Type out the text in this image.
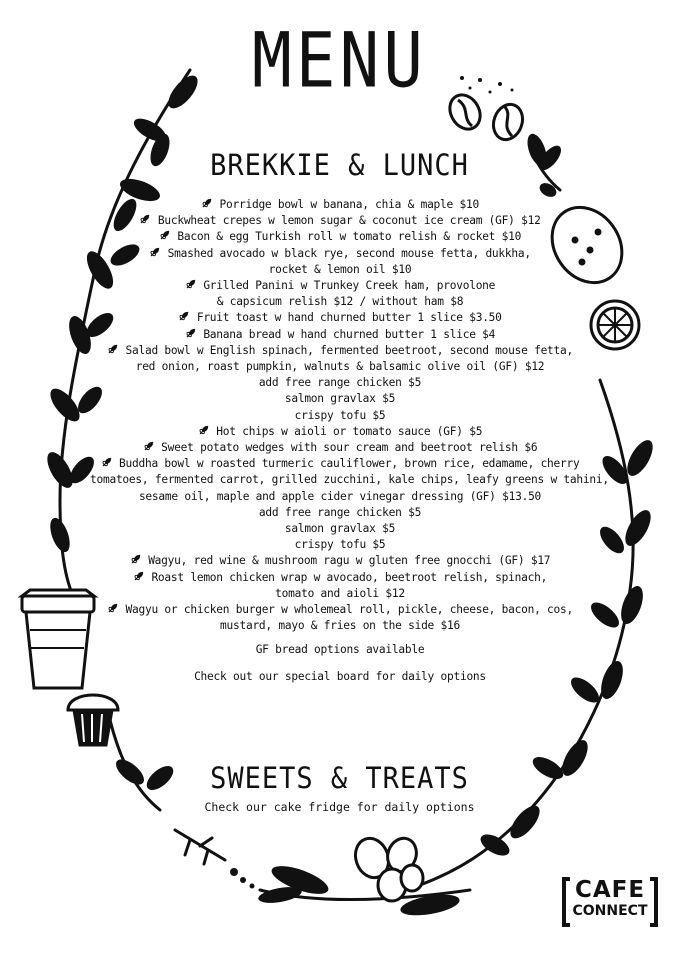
MENU
BREKKIE & LUNCH
Porridge bowl w banana, chia & maple $10
Buckwheat crepes w lemon sugar & coconut ice cream (GF) $12
Bacon & egg Turkish roll w tomato relish & rocket $10
Smashed avocado w black rye, second mouse fetta, dukkha,
rocket & lemon oil $10
Grilled Panini w Trunkey Creek ham, provolone
& capsicum relish $12 / without ham $8
Fruit toast w hand churned butter 1 slice $3.50
Banana bread w hand churned butter 1 slice $4
Salad bowl w English spinach, fermented beetroot, second mouse fetta,
red onion, roast pumpkin, walnuts & balsamic olive oil (GF) $12
add free range chicken $5
salmon gravlax $5
crispy tofu $5
Hot chips w aioli or tomato sauce (GF) $5
Sweet potato wedges with sour cream and beetroot relish $6
Buddha bowl w roasted turmeric cauliflower, brown rice, edamame, cherry
tomatoes, fermented carrot, grilled zucchini, kale chips, leafy greens w tahini,
sesame oil, maple and apple cider vinegar dressing (GF) $13.50
add free range chicken $5
salmon gravlax $5
crispy tofu $5
Wagyu, red wine & mushroom ragu w gluten free gnocchi (GF) $17
Roast lemon chicken wrap w avocado, beetroot relish, spinach,
tomato and aioli $12
Wagyu or chicken burger w wholemeal roll, pickle, cheese, bacon, cos,
mustard, mayo & fries on the side $16
GF bread options available
Check out our special board for daily options
SWEETS & TREATS
Check our cake fridge for daily options
CAFE
CONNECT
